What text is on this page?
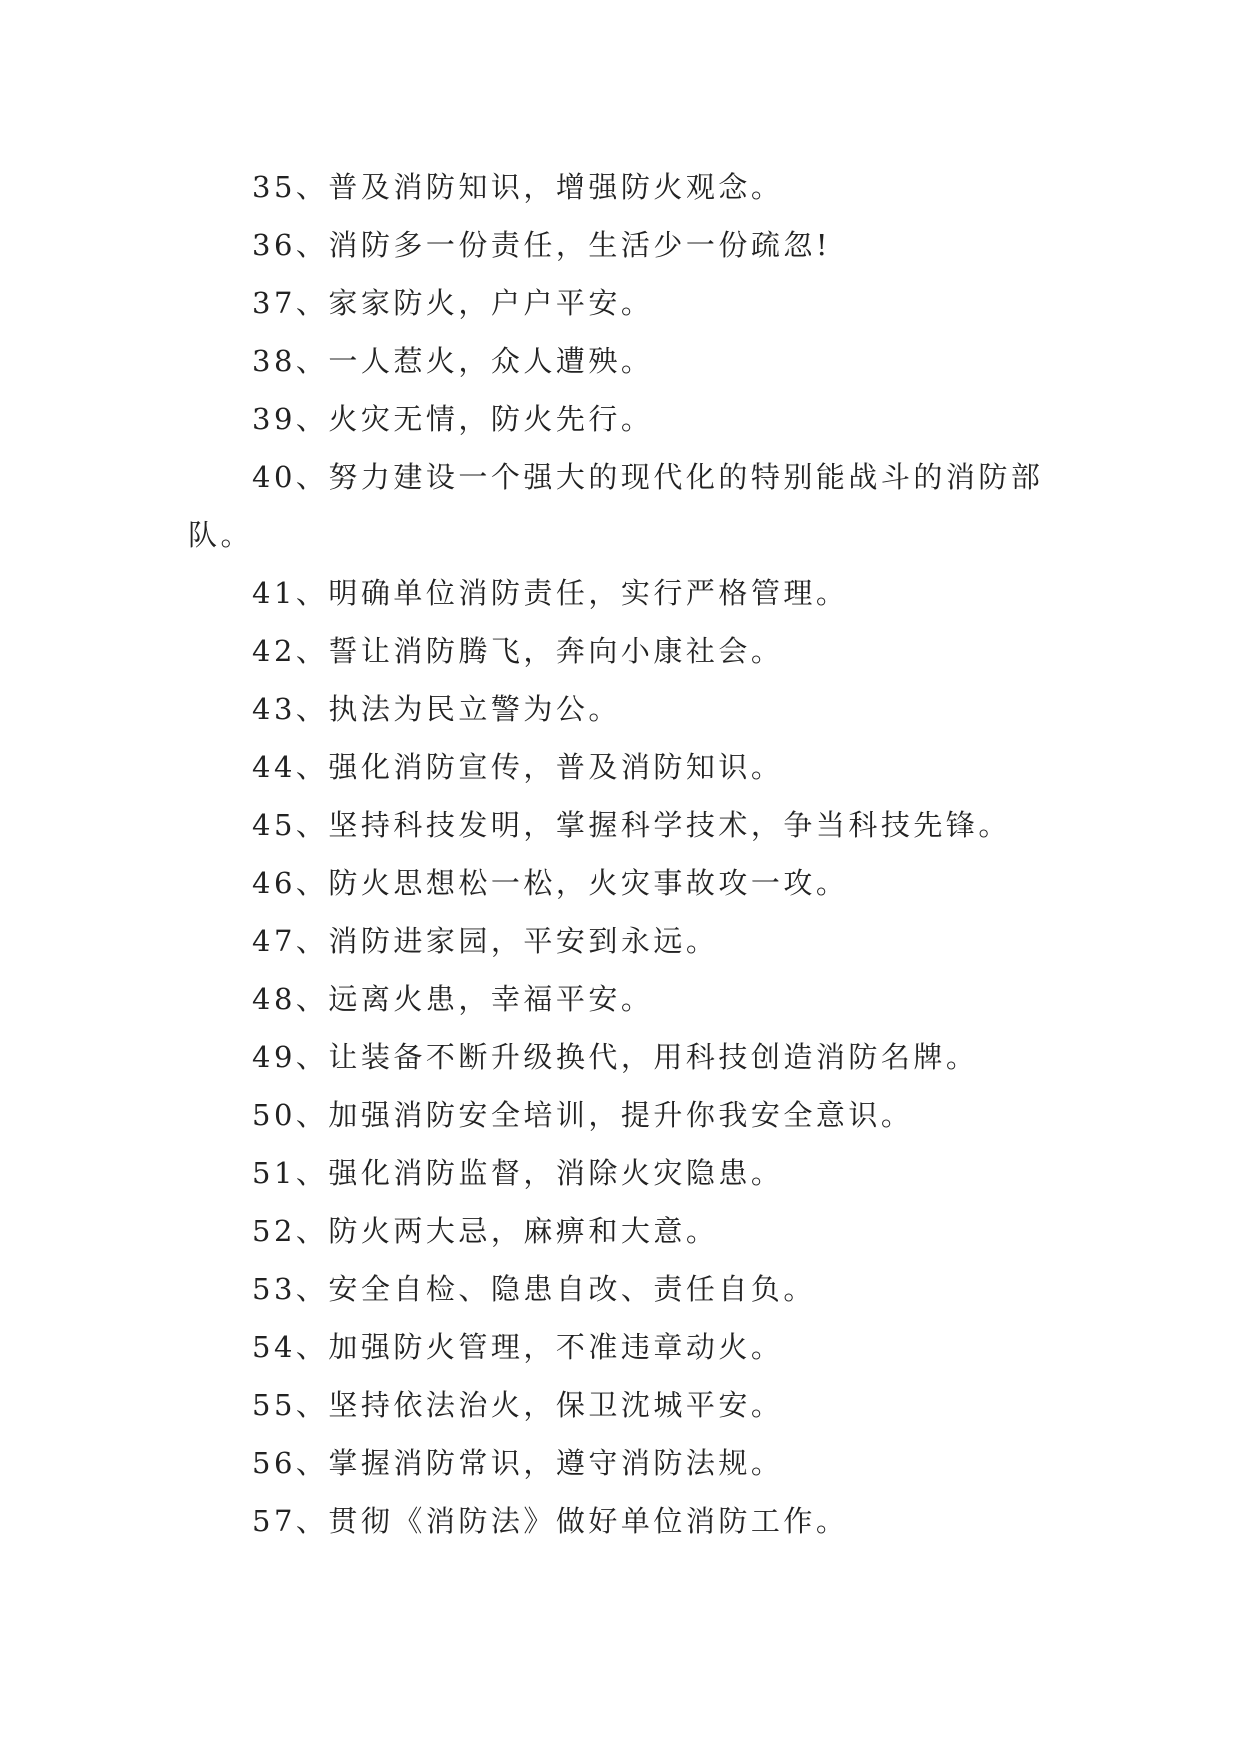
35、普及消防知识，增强防火观念。

36、消防多一份责任，生活少一份疏忽!

37、家家防火，户户平安。

38、一人惹火，众人遭殃。

39、火灾无情，防火先行。

40、努力建设一个强大的现代化的特别能战斗的消防部队。

41、明确单位消防责任，实行严格管理。

42、誓让消防腾飞，奔向小康社会。

43、执法为民立警为公。

44、强化消防宣传，普及消防知识。

45、坚持科技发明，掌握科学技术，争当科技先锋。

46、防火思想松一松，火灾事故攻一攻。

47、消防进家园，平安到永远。

48、远离火患，幸福平安。

49、让装备不断升级换代，用科技创造消防名牌。

50、加强消防安全培训，提升你我安全意识。

51、强化消防监督，消除火灾隐患。

52、防火两大忌，麻痹和大意。

53、安全自检、隐患自改、责任自负。

54、加强防火管理，不准违章动火。

55、坚持依法治火，保卫沈城平安。

56、掌握消防常识，遵守消防法规。

57、贯彻《消防法》做好单位消防工作。
